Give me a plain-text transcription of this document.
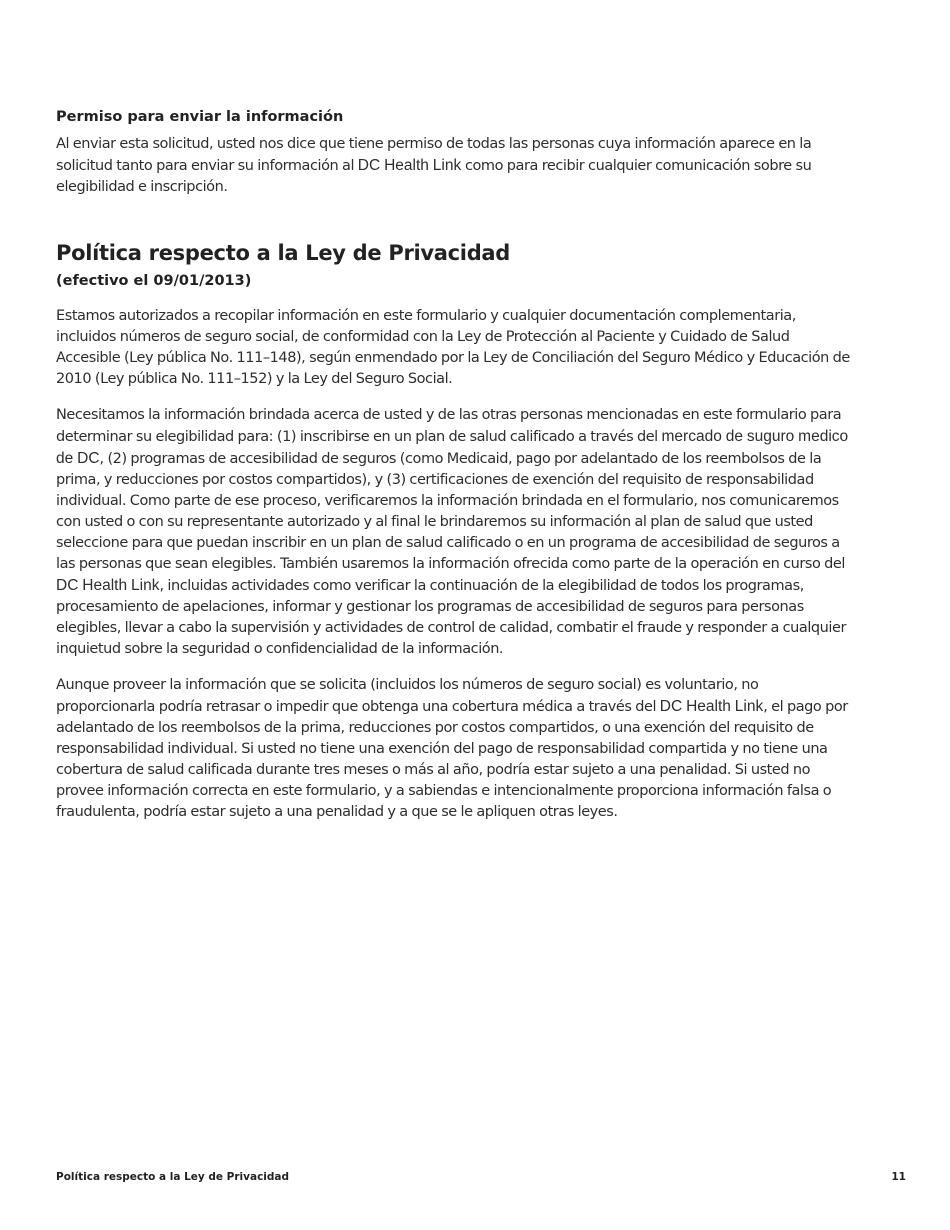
Permiso para enviar la información

Al enviar esta solicitud, usted nos dice que tiene permiso de todas las personas cuya información aparece en la solicitud tanto para enviar su información al DC Health Link como para recibir cualquier comunicación sobre su elegibilidad e inscripción.

Política respecto a la Ley de Privacidad
(efectivo el 09/01/2013)

Estamos autorizados a recopilar información en este formulario y cualquier documentación complementaria, incluidos números de seguro social, de conformidad con la Ley de Protección al Paciente y Cuidado de Salud Accesible (Ley pública No. 111–148), según enmendado por la Ley de Conciliación del Seguro Médico y Educación de 2010 (Ley pública No. 111–152) y la Ley del Seguro Social.

Necesitamos la información brindada acerca de usted y de las otras personas mencionadas en este formulario para determinar su elegibilidad para: (1) inscribirse en un plan de salud calificado a través del mercado de suguro medico de DC, (2) programas de accesibilidad de seguros (como Medicaid, pago por adelantado de los reembolsos de la prima, y reducciones por costos compartidos), y (3) certificaciones de exención del requisito de responsabilidad individual. Como parte de ese proceso, verificaremos la información brindada en el formulario, nos comunicaremos con usted o con su representante autorizado y al final le brindaremos su información al plan de salud que usted seleccione para que puedan inscribir en un plan de salud calificado o en un programa de accesibilidad de seguros a las personas que sean elegibles. También usaremos la información ofrecida como parte de la operación en curso del DC Health Link, incluidas actividades como verificar la continuación de la elegibilidad de todos los programas, procesamiento de apelaciones, informar y gestionar los programas de accesibilidad de seguros para personas elegibles, llevar a cabo la supervisión y actividades de control de calidad, combatir el fraude y responder a cualquier inquietud sobre la seguridad o confidencialidad de la información.

Aunque proveer la información que se solicita (incluidos los números de seguro social) es voluntario, no proporcionarla podría retrasar o impedir que obtenga una cobertura médica a través del DC Health Link, el pago por adelantado de los reembolsos de la prima, reducciones por costos compartidos, o una exención del requisito de responsabilidad individual. Si usted no tiene una exención del pago de responsabilidad compartida y no tiene una cobertura de salud calificada durante tres meses o más al año, podría estar sujeto a una penalidad. Si usted no provee información correcta en este formulario, y a sabiendas e intencionalmente proporciona información falsa o fraudulenta, podría estar sujeto a una penalidad y a que se le apliquen otras leyes.

Política respecto a la Ley de Privacidad	11
